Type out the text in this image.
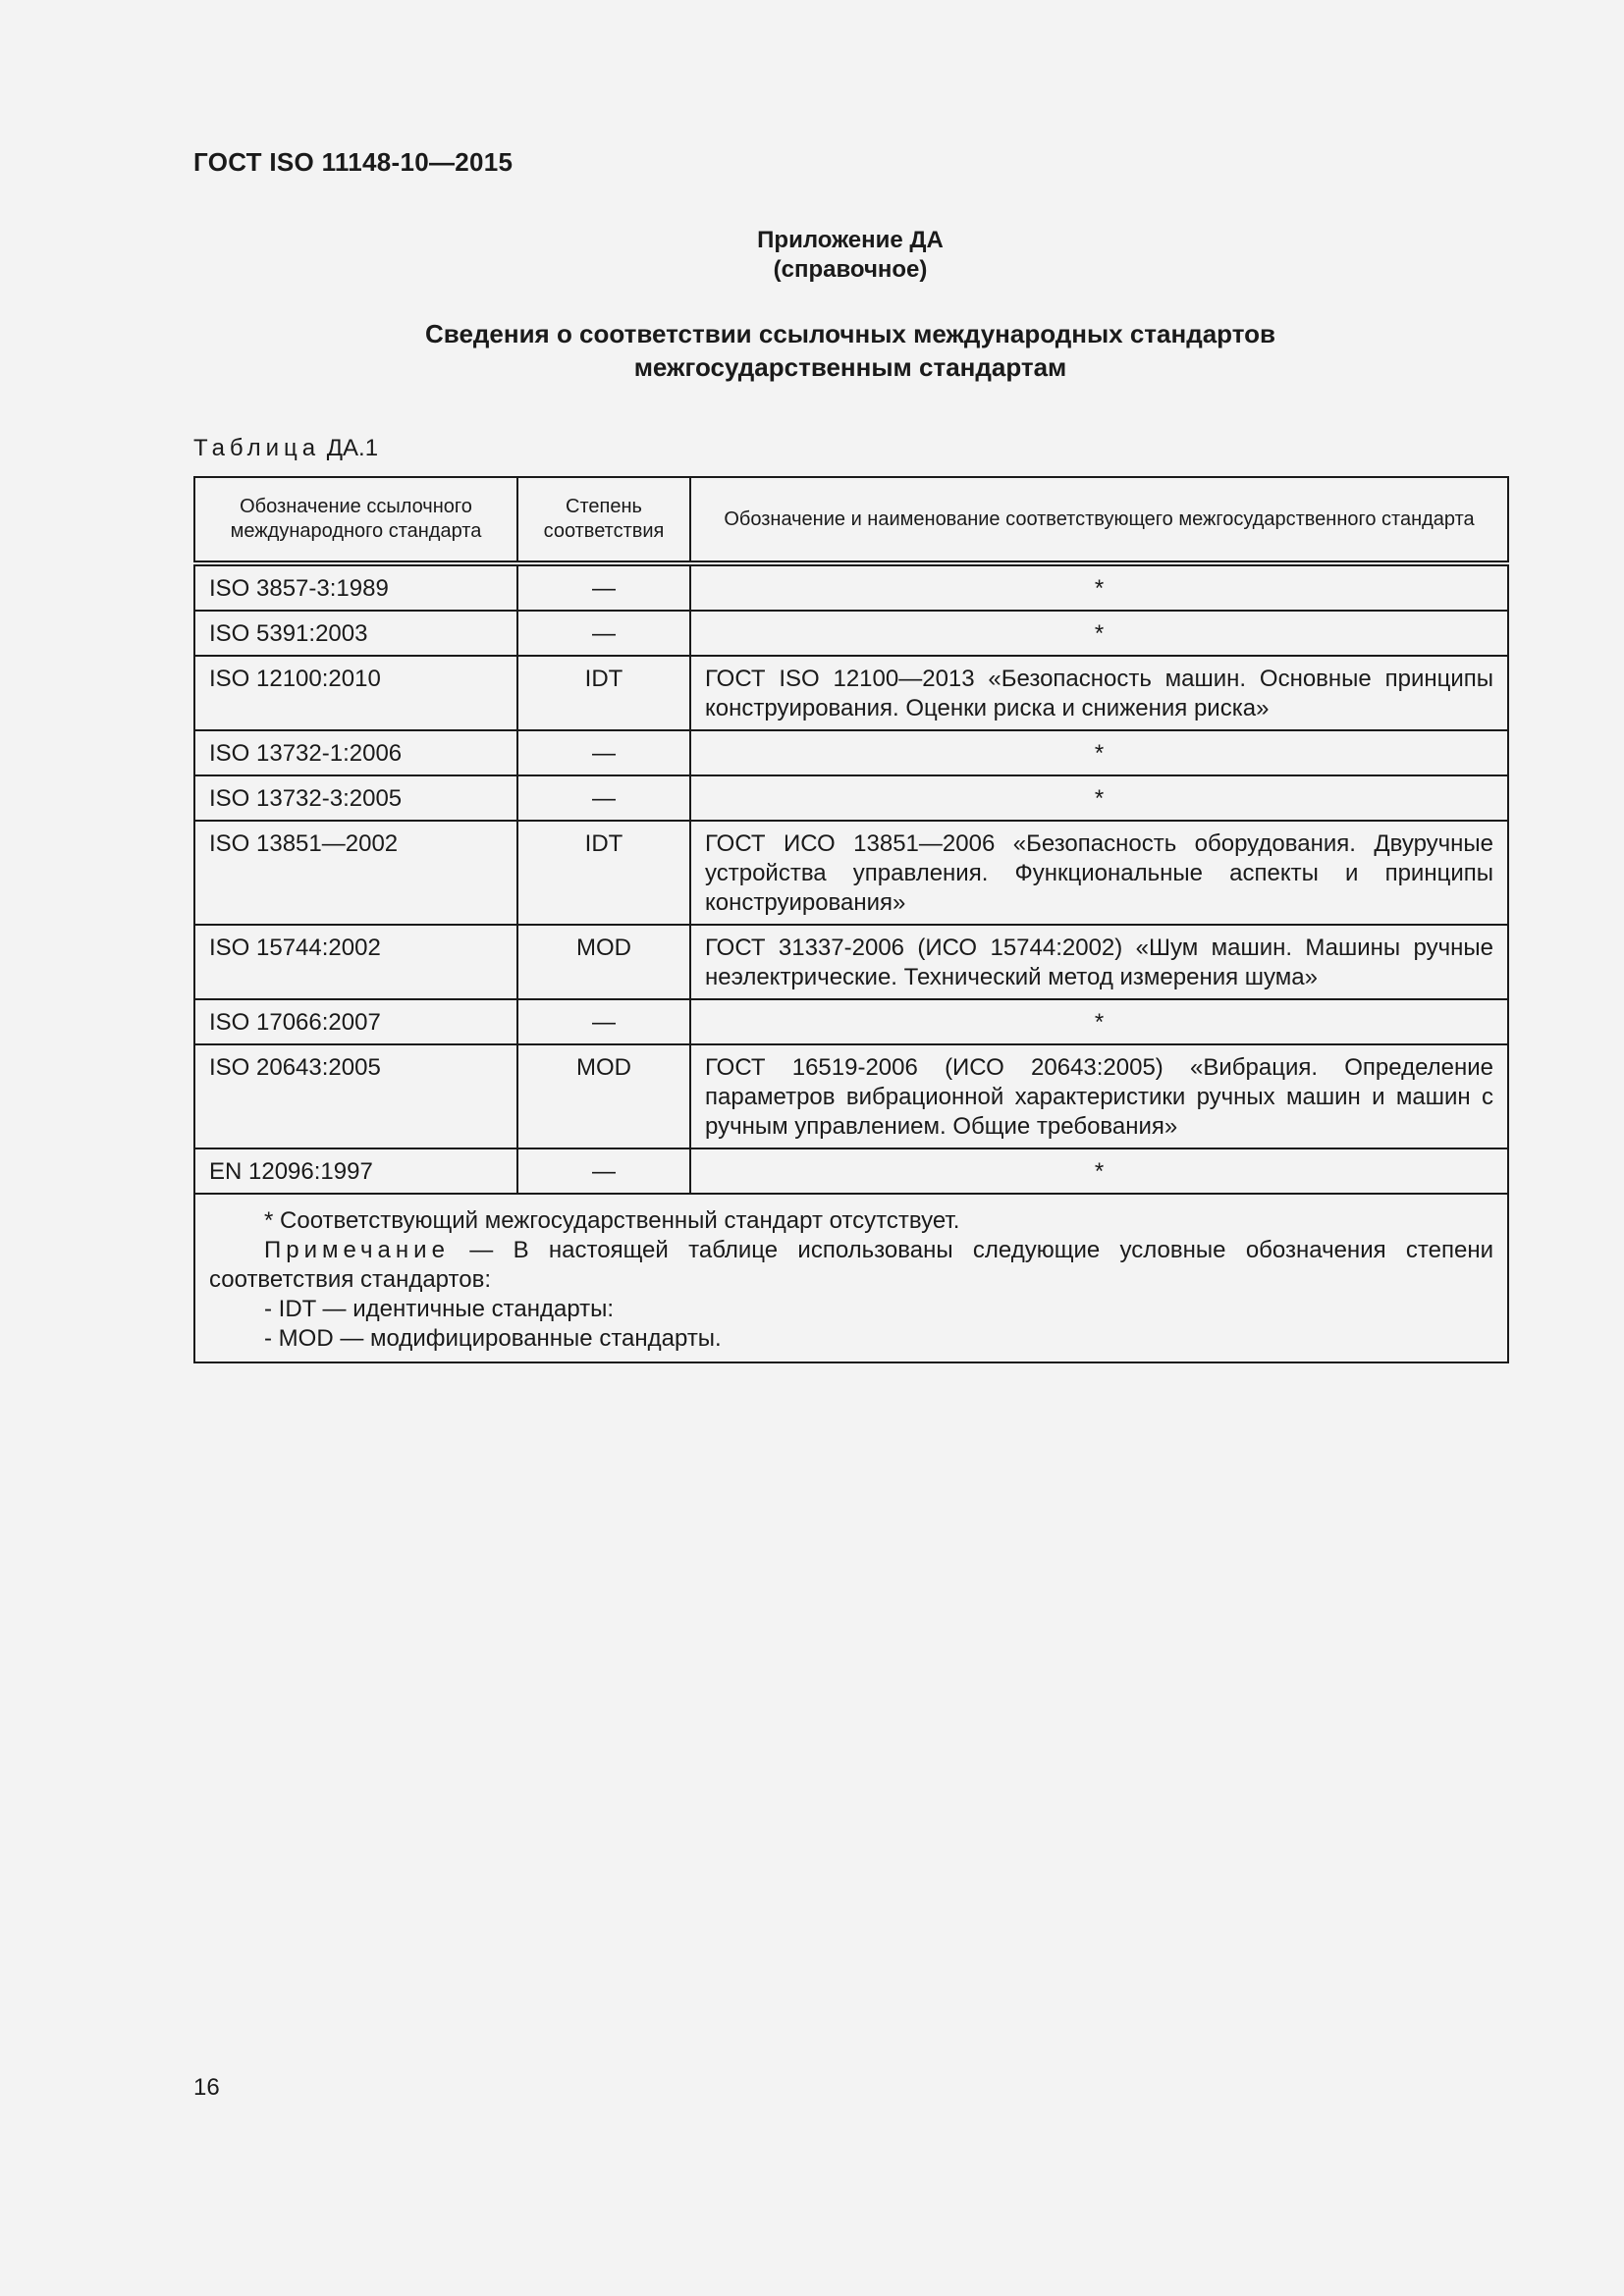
ГОСТ ISO 11148-10—2015
Приложение ДА
(справочное)
Сведения о соответствии ссылочных международных стандартов
межгосударственным стандартам
Таблица ДА.1
Обозначение ссылочного международного стандарта	Степень соответствия	Обозначение и наименование соответствующего межгосударственного стандарта
ISO 3857-3:1989	—	*
ISO 5391:2003	—	*
ISO 12100:2010	IDT	ГОСТ ISO 12100—2013 «Безопасность машин. Основные принципы конструирования. Оценки риска и снижения риска»
ISO 13732-1:2006	—	*
ISO 13732-3:2005	—	*
ISO 13851—2002	IDT	ГОСТ ИСО 13851—2006 «Безопасность оборудования. Двуручные устройства управления. Функциональные аспекты и принципы конструирования»
ISO 15744:2002	MOD	ГОСТ 31337-2006 (ИСО 15744:2002) «Шум машин. Машины ручные неэлектрические. Технический метод измерения шума»
ISO 17066:2007	—	*
ISO 20643:2005	MOD	ГОСТ 16519-2006 (ИСО 20643:2005) «Вибрация. Определение параметров вибрационной характеристики ручных машин и машин с ручным управлением. Общие требования»
EN 12096:1997	—	*

* Соответствующий межгосударственный стандарт отсутствует.
Примечание — В настоящей таблице использованы следующие условные обозначения степени соответствия стандартов:
- IDT — идентичные стандарты:
- MOD — модифицированные стандарты.		
16
